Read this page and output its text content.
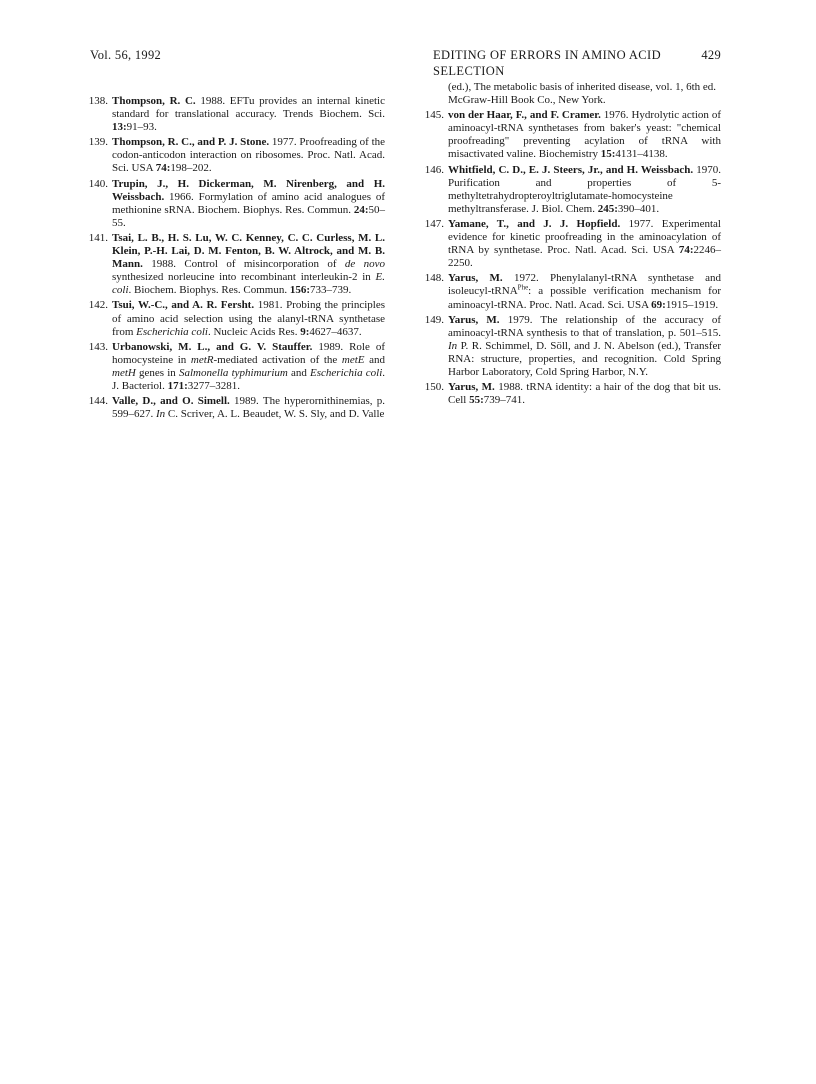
Vol. 56, 1992	EDITING OF ERRORS IN AMINO ACID SELECTION
429

138. Thompson, R. C. 1988. EFTu provides an internal kinetic standard for translational accuracy. Trends Biochem. Sci. 13:91–93.

139. Thompson, R. C., and P. J. Stone. 1977. Proofreading of the codon-anticodon interaction on ribosomes. Proc. Natl. Acad. Sci. USA 74:198–202.

140. Trupin, J., H. Dickerman, M. Nirenberg, and H. Weissbach. 1966. Formylation of amino acid analogues of methionine sRNA. Biochem. Biophys. Res. Commun. 24:50–55.

141. Tsai, L. B., H. S. Lu, W. C. Kenney, C. C. Curless, M. L. Klein, P.-H. Lai, D. M. Fenton, B. W. Altrock, and M. B. Mann. 1988. Control of misincorporation of de novo synthesized norleucine into recombinant interleukin-2 in E. coli. Biochem. Biophys. Res. Commun. 156:733–739.

142. Tsui, W.-C., and A. R. Fersht. 1981. Probing the principles of amino acid selection using the alanyl-tRNA synthetase from Escherichia coli. Nucleic Acids Res. 9:4627–4637.

143. Urbanowski, M. L., and G. V. Stauffer. 1989. Role of homocysteine in metR-mediated activation of the metE and metH genes in Salmonella typhimurium and Escherichia coli. J. Bacteriol. 171:3277–3281.

144. Valle, D., and O. Simell. 1989. The hyperornithinemias, p. 599–627. In C. Scriver, A. L. Beaudet, W. S. Sly, and D. Valle

(ed.), The metabolic basis of inherited disease, vol. 1, 6th ed.
McGraw-Hill Book Co., New York.

145. von der Haar, F., and F. Cramer. 1976. Hydrolytic action of aminoacyl-tRNA synthetases from baker's yeast: "chemical proofreading" preventing acylation of tRNA with misactivated valine. Biochemistry 15:4131–4138.

146. Whitfield, C. D., E. J. Steers, Jr., and H. Weissbach. 1970. Purification and properties of 5-methyltetrahydropteroyltriglutamate-homocysteine methyltransferase. J. Biol. Chem. 245:390–401.

147. Yamane, T., and J. J. Hopfield. 1977. Experimental evidence for kinetic proofreading in the aminoacylation of tRNA by synthetase. Proc. Natl. Acad. Sci. USA 74:2246–2250.

148. Yarus, M. 1972. Phenylalanyl-tRNA synthetase and isoleucyl-tRNA$^{Phe}$: a possible verification mechanism for aminoacyl-tRNA. Proc. Natl. Acad. Sci. USA 69:1915–1919.

149. Yarus, M. 1979. The relationship of the accuracy of aminoacyl-tRNA synthesis to that of translation, p. 501–515. In P. R. Schimmel, D. Söll, and J. N. Abelson (ed.), Transfer RNA: structure, properties, and recognition. Cold Spring Harbor Laboratory, Cold Spring Harbor, N.Y.

150. Yarus, M. 1988. tRNA identity: a hair of the dog that bit us. Cell 55:739–741.
